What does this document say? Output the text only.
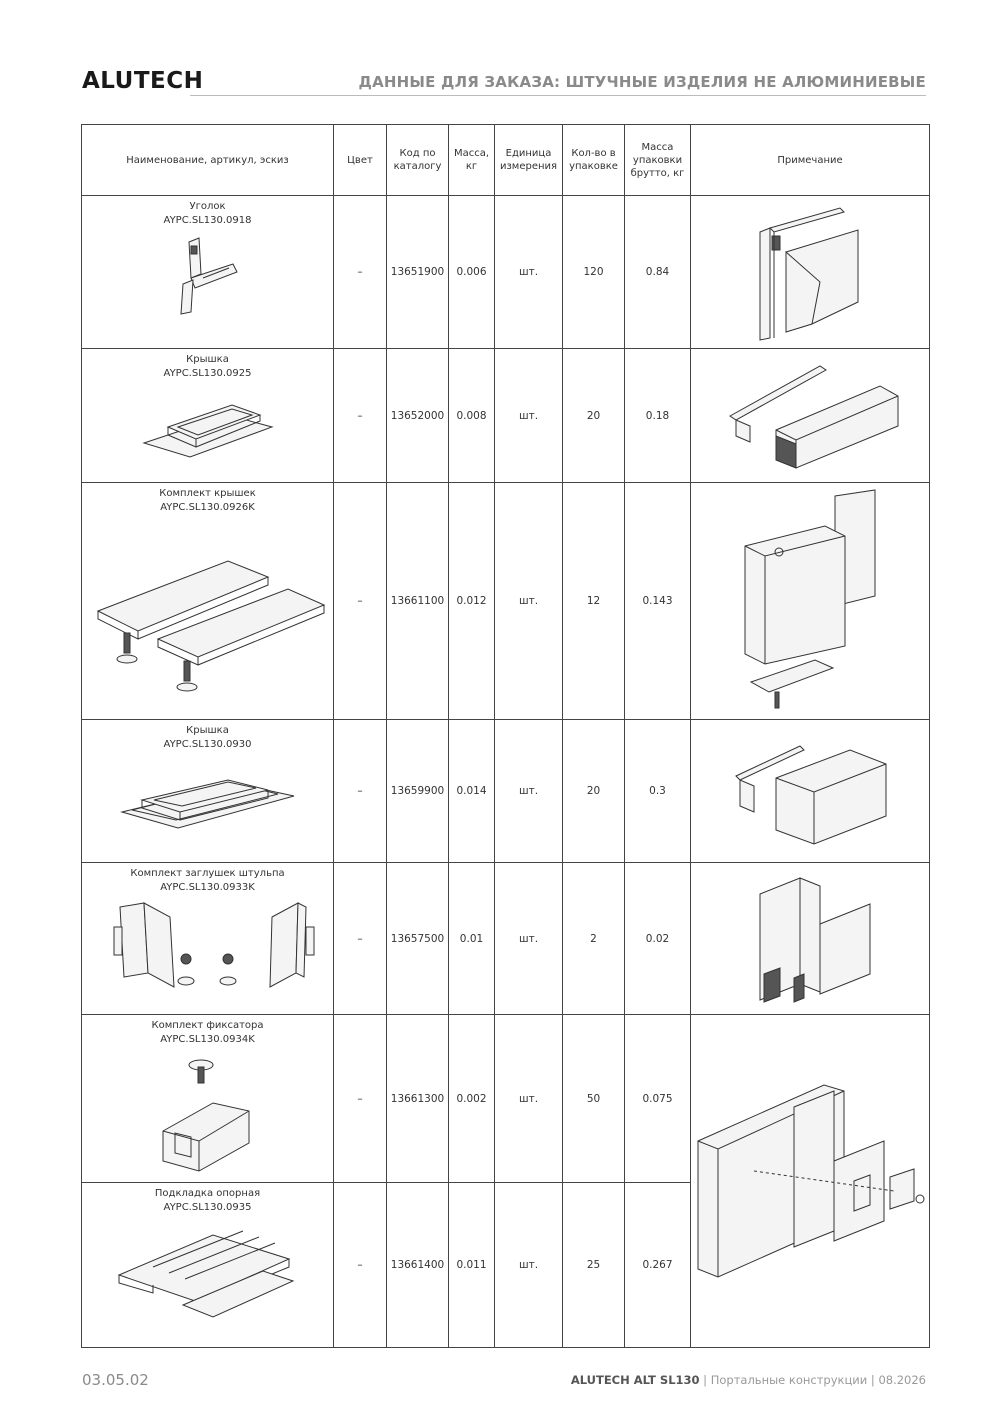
ALUTECH	ДАННЫЕ ДЛЯ ЗАКАЗА: ШТУЧНЫЕ ИЗДЕЛИЯ НЕ АЛЮМИНИЕВЫЕ
Наименование, артикул, эскиз	Цвет	Код по каталогу	Масса, кг	Единица измерения	Кол-во в упаковке	Масса упаковки брутто, кг	Примечание

Уголок
AYPC.SL130.0918	–	13651900	0.006	шт.	120	0.84	

Крышка
AYPC.SL130.0925	–	13652000	0.008	шт.	20	0.18	

Комплект крышек
AYPC.SL130.0926K	–	13661100	0.012	шт.	12	0.143	

Крышка
AYPC.SL130.0930	–	13659900	0.014	шт.	20	0.3	

Комплект заглушек штульпа
AYPC.SL130.0933K	–	13657500	0.01	шт.	2	0.02	

Комплект фиксатора
AYPC.SL130.0934K	–	13661300	0.002	шт.	50	0.075	

Подкладка опорная
AYPC.SL130.0935	–	13661400	0.011	шт.	25	0.267	
03.05.02	ALUTECH ALT SL130 | Портальные конструкции | 08.2026
